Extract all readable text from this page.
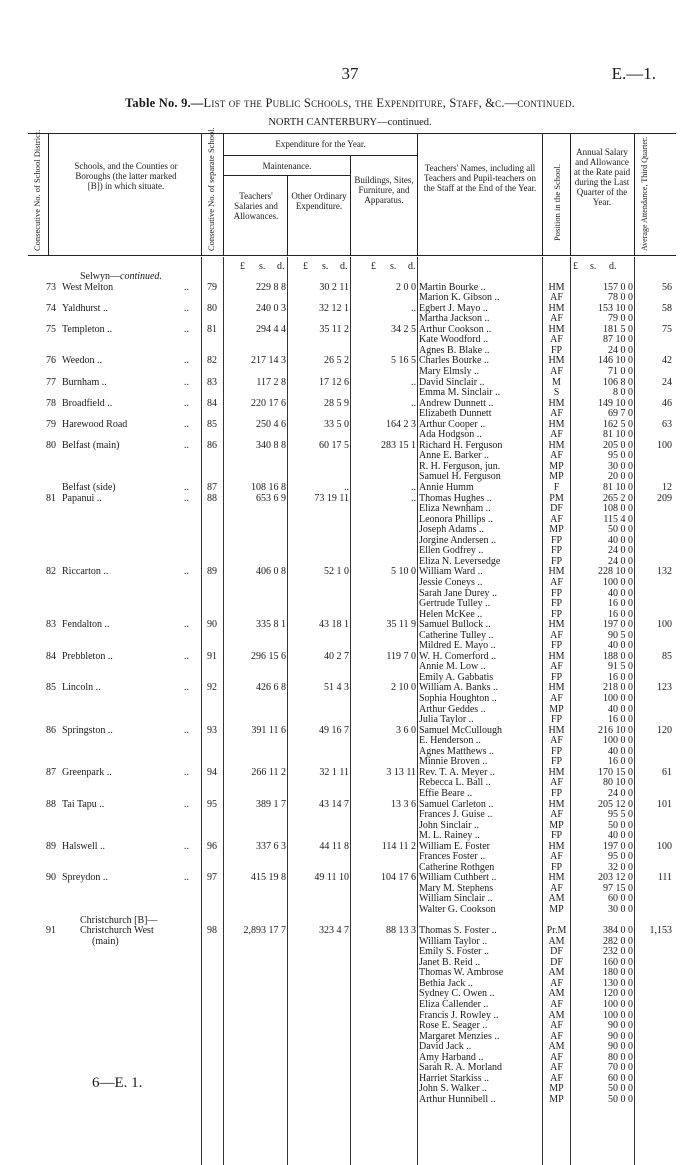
37	E.—1.
Table No. 9.—List of the Public Schools, the Expenditure, Staff, &c.—continued.
NORTH CANTERBURY—continued.
Consecutive No. of School District.	Schools, and the Counties or Boroughs (the latter marked [B]) in which situate.	Consecutive No. of separate School.	Expenditure for the Year.
Maintenance.
Teachers' Salaries and Allowances.
Other Ordinary Expenditure.
Buildings, Sites, Furniture, and Apparatus.
Teachers' Names, including all Teachers and Pupil-teachers on the Staff at the End of the Year.	Position in the School.
Annual Salary and Allowance at the Rate paid during the Last Quarter of the Year.	Average Attendance, Third Quarter.
£ s. d. £ s. d. £ s. d.	£ s. d.
Selwyn—continued.
73 West Melton	..	79	229 8 8	30 2 11	2 0 0 Martin Bourke ..	HM	157 0 0	56
Marion K. Gibson ..	AF	78 0 0
74 Yaldhurst ..	..	80	240 0 3	32 12 1	.. Egbert J. Mayo ..	HM	153 10 0	58
Martha Jackson ..	AF	79 0 0
75 Templeton ..	..	81	294 4 4	35 11 2	34 2 5 Arthur Cookson ..	HM	181 5 0	75
Kate Woodford ..	AF	87 10 0
Agnes B. Blake ..	FP	24 0 0
76 Weedon ..	..	82	217 14 3	26 5 2	5 16 5 Charles Bourke ..	HM	146 10 0	42
Mary Elmsly ..	AF	71 0 0
77 Burnham ..	..	83	117 2 8	17 12 6	.. David Sinclair ..	M	106 8 0	24
Emma M. Sinclair ..	S	8 0 0
78 Broadfield ..	..	84	220 17 6	28 5 9	.. Andrew Dunnett ..	HM	149 10 0	46
Elizabeth Dunnett	AF	69 7 0
79 Harewood Road	..	85	250 4 6	33 5 0	164 2 3 Arthur Cooper ..	HM	162 5 0	63
Ada Hodgson ..	AF	81 10 0
80 Belfast (main)	..	86	340 8 8	60 17 5	283 15 1 Richard H. Ferguson	HM	205 0 0	100
Anne E. Barker ..	AF	95 0 0
R. H. Ferguson, jun.	MP	30 0 0
Samuel H. Ferguson	MP	20 0 0
Belfast (side)	..	87	108 16 8	..	.. Annie Humm	F	81 10 0	12
81 Papanui ..	..	88	653 6 9	73 19 11	.. Thomas Hughes ..	PM	265 2 0	209
Eliza Newnham ..	DF	108 0 0
Leonora Phillips ..	AF	115 4 0
Joseph Adams ..	MP	50 0 0
Jorgine Andersen ..	FP	40 0 0
Ellen Godfrey ..	FP	24 0 0
Eliza N. Leversedge	FP	24 0 0
82 Riccarton ..	..	89	406 0 8	52 1 0	5 10 0 William Ward ..	HM	228 10 0	132
Jessie Coneys ..	AF	100 0 0
Sarah Jane Durey ..	FP	40 0 0
Gertrude Tulley ..	FP	16 0 0
Helen McKee ..	FP	16 0 0
83 Fendalton ..	..	90	335 8 1	43 18 1	35 11 9 Samuel Bullock ..	HM	197 0 0	100
Catherine Tulley ..	AF	90 5 0
Mildred E. Mayo ..	FP	40 0 0
84 Prebbleton ..	..	91	296 15 6	40 2 7	119 7 0 W. H. Comerford ..	HM	188 0 0	85
Annie M. Low ..	AF	91 5 0
Emily A. Gabbatis	FP	16 0 0
85 Lincoln ..	..	92	426 6 8	51 4 3	2 10 0 William A. Banks ..	HM	218 0 0	123
Sophia Houghton ..	AF	100 0 0
Arthur Geddes ..	MP	40 0 0
Julia Taylor ..	FP	16 0 0
86 Springston ..	..	93	391 11 6	49 16 7	3 6 0 Samuel McCullough	HM	216 10 0	120
E. Henderson ..	AF	100 0 0
Agnes Matthews ..	FP	40 0 0
Minnie Broven ..	FP	16 0 0
87 Greenpark ..	..	94	266 11 2	32 1 11	3 13 11 Rev. T. A. Meyer ..	HM	170 15 0	61
Rebecca L. Ball ..	AF	80 10 0
Effie Beare ..	FP	24 0 0
88 Tai Tapu ..	..	95	389 1 7	43 14 7	13 3 6 Samuel Carleton ..	HM	205 12 0	101
Frances J. Guise ..	AF	95 5 0
John Sinclair ..	MP	50 0 0
M. L. Rainey ..	FP	40 0 0
89 Halswell ..	..	96	337 6 3	44 11 8	114 11 2 William E. Foster	HM	197 0 0	100
Frances Foster ..	AF	95 0 0
Catherine Rothgen	FP	32 0 0
90 Spreydon ..	..	97	415 19 8	49 11 10	104 17 6 William Cuthbert ..	HM	203 12 0	111
Mary M. Stephens	AF	97 15 0
William Sinclair ..	AM	60 0 0
Walter G. Cookson	MP	30 0 0
Christchurch [B]—
91 Christchurch West	98	2,893 17 7	323 4 7	88 13 3 Thomas S. Foster ..	Pr.M	384 0 0	1,153
(main)	William Taylor ..	AM	282 0 0
Emily S. Foster ..	DF	232 0 0
Janet B. Reid ..	DF	160 0 0
Thomas W. Ambrose	AM	180 0 0
Bethia Jack ..	AF	130 0 0
Sydney C. Owen ..	AM	120 0 0
Eliza Callender ..	AF	100 0 0
Francis J. Rowley ..	AM	100 0 0
Rose E. Seager ..	AF	90 0 0
Margaret Menzies ..	AF	90 0 0
David Jack ..	AM	90 0 0
Amy Harband ..	AF	80 0 0
Sarah R. A. Morland	AF	70 0 0
Harriet Starkiss ..	AF	60 0 0
John S. Walker ..	MP	50 0 0
Arthur Hunnibell ..	MP	50 0 0
6—E. 1.
